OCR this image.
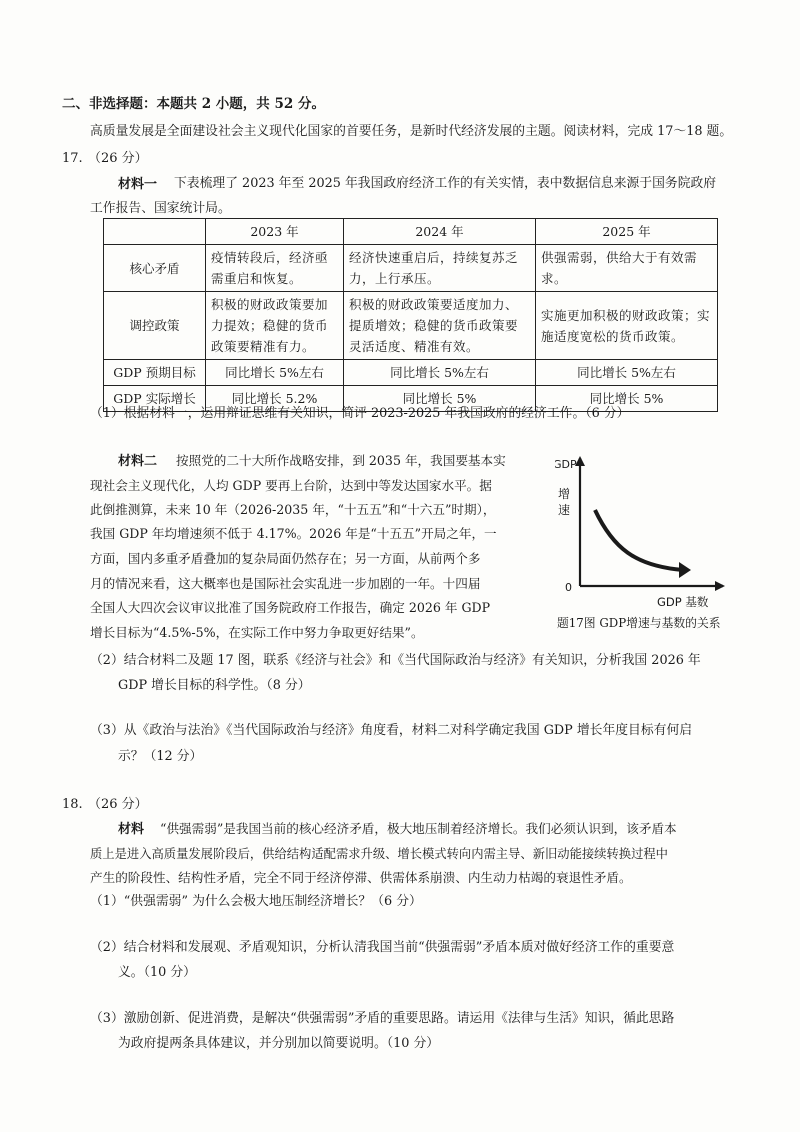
二、非选择题：本题共 2 小题，共 52 分。
高质量发展是全面建设社会主义现代化国家的首要任务，是新时代经济发展的主题。阅读材料，完成 17～18 题。
17. （26 分）
材料一 下表梳理了 2023 年至 2025 年我国政府经济工作的有关实情，表中数据信息来源于国务院政府
工作报告、国家统计局。
	2023 年	2024 年	2025 年
核心矛盾	疫情转段后，经济亟需重启和恢复。	经济快速重启后，持续复苏乏力，上行承压。	供强需弱，供给大于有效需求。
调控政策	积极的财政政策要加力提效；稳健的货币政策要精准有力。	积极的财政政策要适度加力、提质增效；稳健的货币政策要灵活适度、精准有效。	实施更加积极的财政政策；实施适度宽松的货币政策。
GDP 预期目标	同比增长 5%左右	同比增长 5%左右	同比增长 5%左右
GDP 实际增长	同比增长 5.2%	同比增长 5%	同比增长 5%
（1）根据材料一，运用辩证思维有关知识，简评 2023-2025 年我国政府的经济工作。（6 分）
材料二 按照党的二十大所作战略安排，到 2035 年，我国要基本实
现社会主义现代化，人均 GDP 要再上台阶，达到中等发达国家水平。据
此倒推测算，未来 10 年（2026-2035 年，“十五五”和“十六五”时期），
我国 GDP 年均增速须不低于 4.17%。2026 年是“十五五”开局之年，一
方面，国内多重矛盾叠加的复杂局面仍然存在；另一方面，从前两个多
月的情况来看，这大概率也是国际社会实乱进一步加剧的一年。十四届
全国人大四次会议审议批准了国务院政府工作报告，确定 2026 年 GDP
增长目标为“4.5%-5%，在实际工作中努力争取更好结果”。
GDP
增 速
0
GDP 基数
题17图 GDP增速与基数的关系
（2）结合材料二及题 17 图，联系《经济与社会》和《当代国际政治与经济》有关知识，分析我国 2026 年
GDP 增长目标的科学性。（8 分）
（3）从《政治与法治》《当代国际政治与经济》角度看，材料二对科学确定我国 GDP 增长年度目标有何启
示？（12 分）
18. （26 分）
材料 “供强需弱”是我国当前的核心经济矛盾，极大地压制着经济增长。我们必须认识到，该矛盾本
质上是进入高质量发展阶段后，供给结构适配需求升级、增长模式转向内需主导、新旧动能接续转换过程中
产生的阶段性、结构性矛盾，完全不同于经济停滞、供需体系崩溃、内生动力枯竭的衰退性矛盾。
（1）“供强需弱” 为什么会极大地压制经济增长？（6 分）
（2）结合材料和发展观、矛盾观知识，分析认清我国当前“供强需弱”矛盾本质对做好经济工作的重要意
义。（10 分）
（3）激励创新、促进消费，是解决“供强需弱”矛盾的重要思路。请运用《法律与生活》知识，循此思路
为政府提两条具体建议，并分别加以简要说明。（10 分）
